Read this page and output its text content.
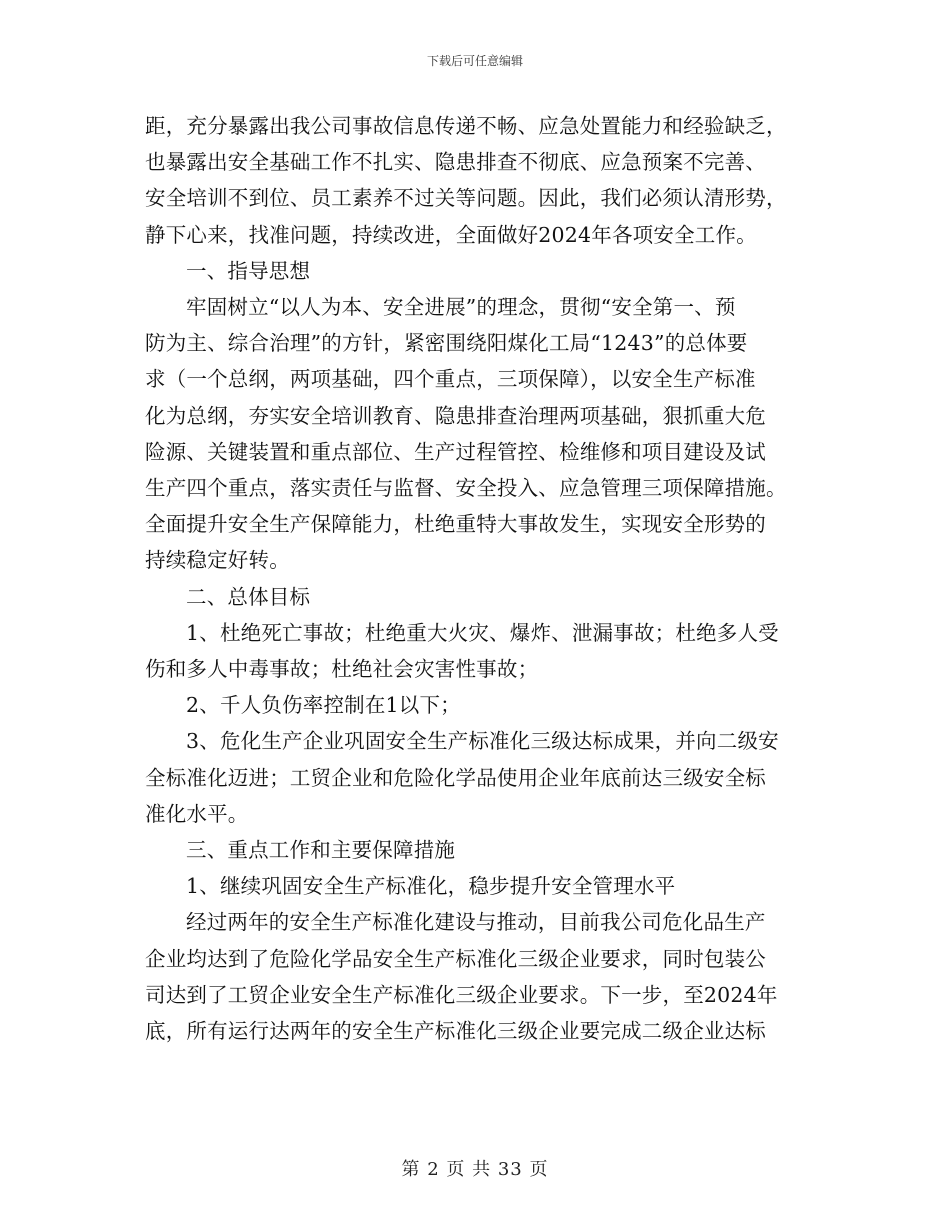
下载后可任意编辑

距，充分暴露出我公司事故信息传递不畅、应急处置能力和经验缺乏，
也暴露出安全基础工作不扎实、隐患排查不彻底、应急预案不完善、
安全培训不到位、员工素养不过关等问题。因此，我们必须认清形势，
静下心来，找准问题，持续改进，全面做好2024年各项安全工作。

一、指导思想

牢固树立“以人为本、安全进展”的理念，贯彻“安全第一、预
防为主、综合治理”的方针，紧密围绕阳煤化工局“1243”的总体要
求（一个总纲，两项基础，四个重点，三项保障），以安全生产标准
化为总纲，夯实安全培训教育、隐患排查治理两项基础，狠抓重大危
险源、关键装置和重点部位、生产过程管控、检维修和项目建设及试
生产四个重点，落实责任与监督、安全投入、应急管理三项保障措施。
全面提升安全生产保障能力，杜绝重特大事故发生，实现安全形势的
持续稳定好转。

二、总体目标

1、杜绝死亡事故；杜绝重大火灾、爆炸、泄漏事故；杜绝多人受
伤和多人中毒事故；杜绝社会灾害性事故；

2、千人负伤率控制在1以下；

3、危化生产企业巩固安全生产标准化三级达标成果，并向二级安
全标准化迈进；工贸企业和危险化学品使用企业年底前达三级安全标
准化水平。

三、重点工作和主要保障措施

1、继续巩固安全生产标准化，稳步提升安全管理水平

经过两年的安全生产标准化建设与推动，目前我公司危化品生产
企业均达到了危险化学品安全生产标准化三级企业要求，同时包装公
司达到了工贸企业安全生产标准化三级企业要求。下一步，至2024年
底，所有运行达两年的安全生产标准化三级企业要完成二级企业达标

第 2 页 共 33 页
